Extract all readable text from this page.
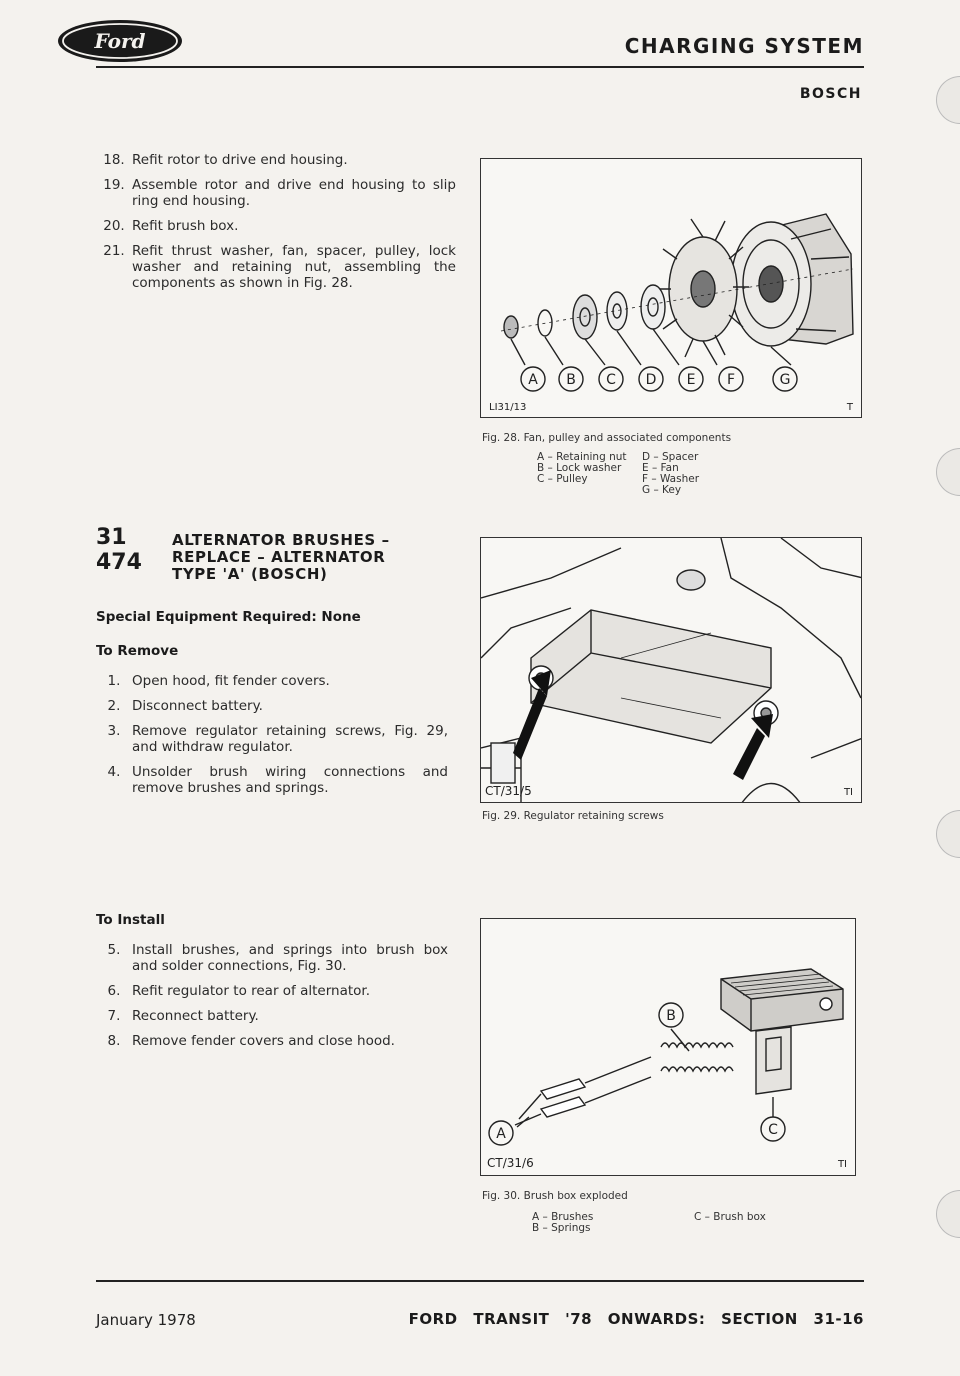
Ford	CHARGING SYSTEM
BOSCH
18. Refit rotor to drive end housing.
19. Assemble rotor and drive end housing to slip ring end housing.
20. Refit brush box.
21. Refit thrust washer, fan, spacer, pulley, lock washer and retaining nut, assembling the components as shown in Fig. 28.
31 474
ALTERNATOR BRUSHES –
REPLACE – ALTERNATOR
TYPE 'A' (BOSCH)
Special Equipment Required: None
To Remove
1. Open hood, fit fender covers.
2. Disconnect battery.
3. Remove regulator retaining screws, Fig. 29, and withdraw regulator.
4. Unsolder brush wiring connections and remove brushes and springs.
To Install
5. Install brushes, and springs into brush box and solder connections, Fig. 30.
6. Refit regulator to rear of alternator.
7. Reconnect battery.
8. Remove fender covers and close hood.
A B C D E F	G
LI31/13	T
Fig. 28. Fan, pulley and associated components
A – Retaining nut
B – Lock washer
C – Pulley
D – Spacer
E – Fan
F – Washer
G – Key
CT/31/5	TI
Fig. 29. Regulator retaining screws
A
B
C
CT/31/6	TI
Fig. 30. Brush box exploded
A – Brushes
B – Springs
C – Brush box
January 1978	FORD TRANSIT '78 ONWARDS: SECTION 31-16
